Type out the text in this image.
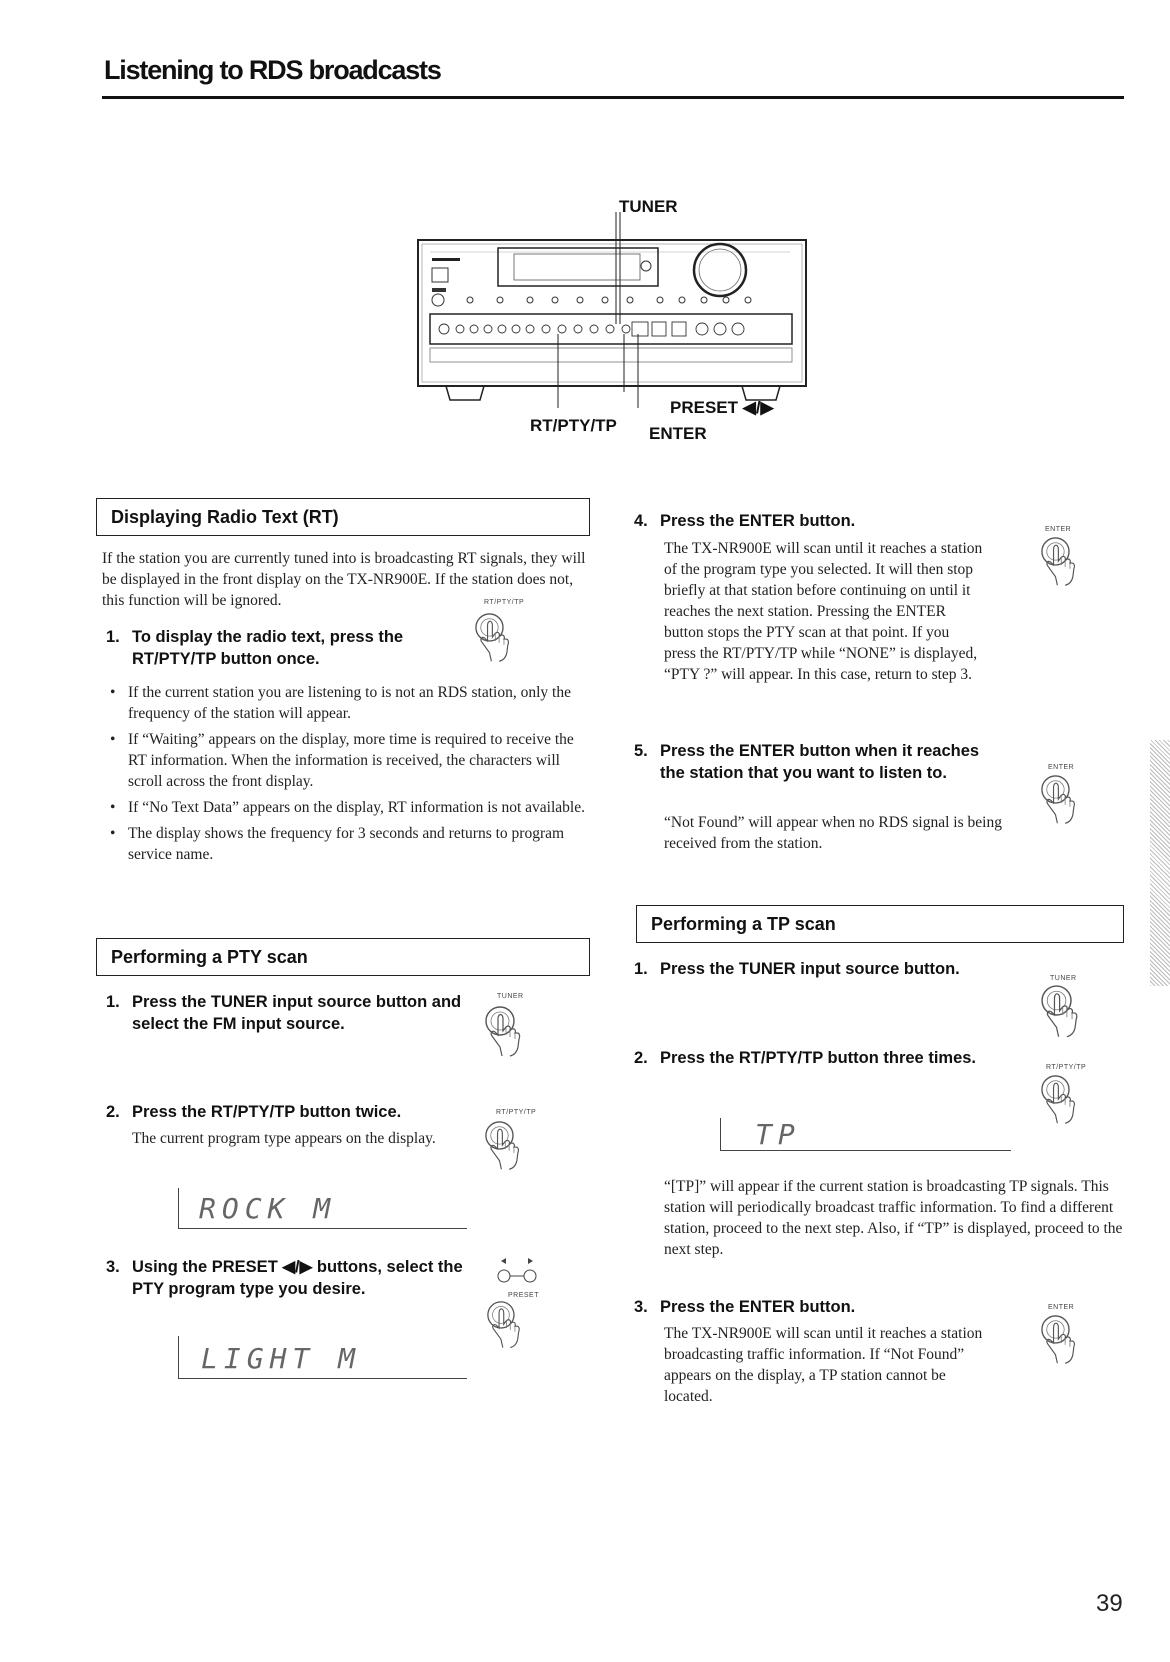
Listening to RDS broadcasts
TUNER
PRESET ◀/▶
RT/PTY/TP ENTER
Displaying Radio Text (RT)

If the station you are currently tuned into is broadcasting RT signals, they will be displayed in the front display on the TX-NR900E. If the station does not, this function will be ignored.

1. To display the radio text, press the RT/PTY/TP button once.
RT/PTY/TP
• If the current station you are listening to is not an RDS station, only the frequency of the station will appear.
• If “Waiting” appears on the display, more time is required to receive the RT information. When the information is received, the characters will scroll across the front display.
• If “No Text Data” appears on the display, RT information is not available.
• The display shows the frequency for 3 seconds and returns to program service name.
Performing a PTY scan
1. Press the TUNER input source button and select the FM input source.
TUNER
2. Press the RT/PTY/TP button twice.	RT/PTY/TP

The current program type appears on the display.

ROCK M
3. Using the PRESET ◀/▶ buttons, select the PTY program type you desire.	PRESET
LIGHT M
4. Press the ENTER button.	ENTER

The TX-NR900E will scan until it reaches a station of the program type you selected. It will then stop briefly at that station before continuing on until it reaches the next station. Pressing the ENTER button stops the PTY scan at that point. If you press the RT/PTY/TP while “NONE” is displayed, “PTY ?” will appear. In this case, return to step 3.

5. Press the ENTER button when it reaches the station that you want to listen to.	ENTER

“Not Found” will appear when no RDS signal is being received from the station.

Performing a TP scan
1. Press the TUNER input source button.
TUNER
2. Press the RT/PTY/TP button three times.
RT/PTY/TP
TP

“[TP]” will appear if the current station is broadcasting TP signals. This station will periodically broadcast traffic information. To find a different station, proceed to the next step. Also, if “TP” is displayed, proceed to the next step.

3. Press the ENTER button.	ENTER

The TX-NR900E will scan until it reaches a station broadcasting traffic information. If “Not Found” appears on the display, a TP station cannot be located.

39
